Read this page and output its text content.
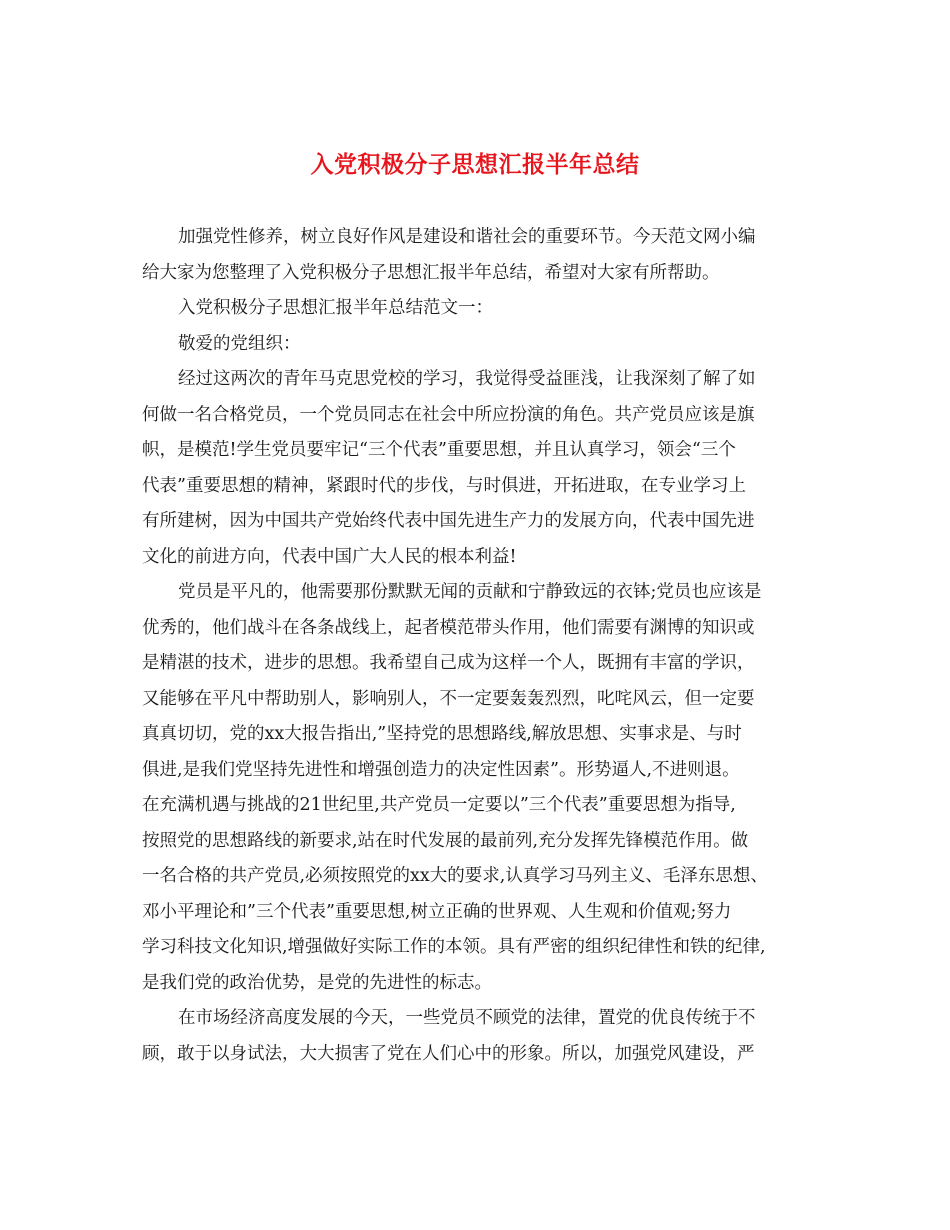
入党积极分子思想汇报半年总结
加强党性修养，树立良好作风是建设和谐社会的重要环节。今天范文网小编
给大家为您整理了入党积极分子思想汇报半年总结，希望对大家有所帮助。
入党积极分子思想汇报半年总结范文一：
敬爱的党组织：
经过这两次的青年马克思党校的学习，我觉得受益匪浅，让我深刻了解了如
何做一名合格党员，一个党员同志在社会中所应扮演的角色。共产党员应该是旗
帜，是模范!学生党员要牢记“三个代表”重要思想，并且认真学习，领会“三个
代表”重要思想的精神，紧跟时代的步伐，与时俱进，开拓进取，在专业学习上
有所建树，因为中国共产党始终代表中国先进生产力的发展方向，代表中国先进
文化的前进方向，代表中国广大人民的根本利益!
党员是平凡的，他需要那份默默无闻的贡献和宁静致远的衣钵;党员也应该是
优秀的，他们战斗在各条战线上，起者模范带头作用，他们需要有渊博的知识或
是精湛的技术，进步的思想。我希望自己成为这样一个人，既拥有丰富的学识，
又能够在平凡中帮助别人，影响别人，不一定要轰轰烈烈，叱咤风云，但一定要
真真切切，党的xx大报告指出,”坚持党的思想路线,解放思想、实事求是、与时
俱进,是我们党坚持先进性和增强创造力的决定性因素”。形势逼人,不进则退。
在充满机遇与挑战的21世纪里,共产党员一定要以”三个代表”重要思想为指导,
按照党的思想路线的新要求,站在时代发展的最前列,充分发挥先锋模范作用。做
一名合格的共产党员,必须按照党的xx大的要求,认真学习马列主义、毛泽东思想、
邓小平理论和”三个代表”重要思想,树立正确的世界观、人生观和价值观;努力
学习科技文化知识,增强做好实际工作的本领。具有严密的组织纪律性和铁的纪律,
是我们党的政治优势，是党的先进性的标志。
在市场经济高度发展的今天，一些党员不顾党的法律，置党的优良传统于不
顾，敢于以身试法，大大损害了党在人们心中的形象。所以，加强党风建设，严
